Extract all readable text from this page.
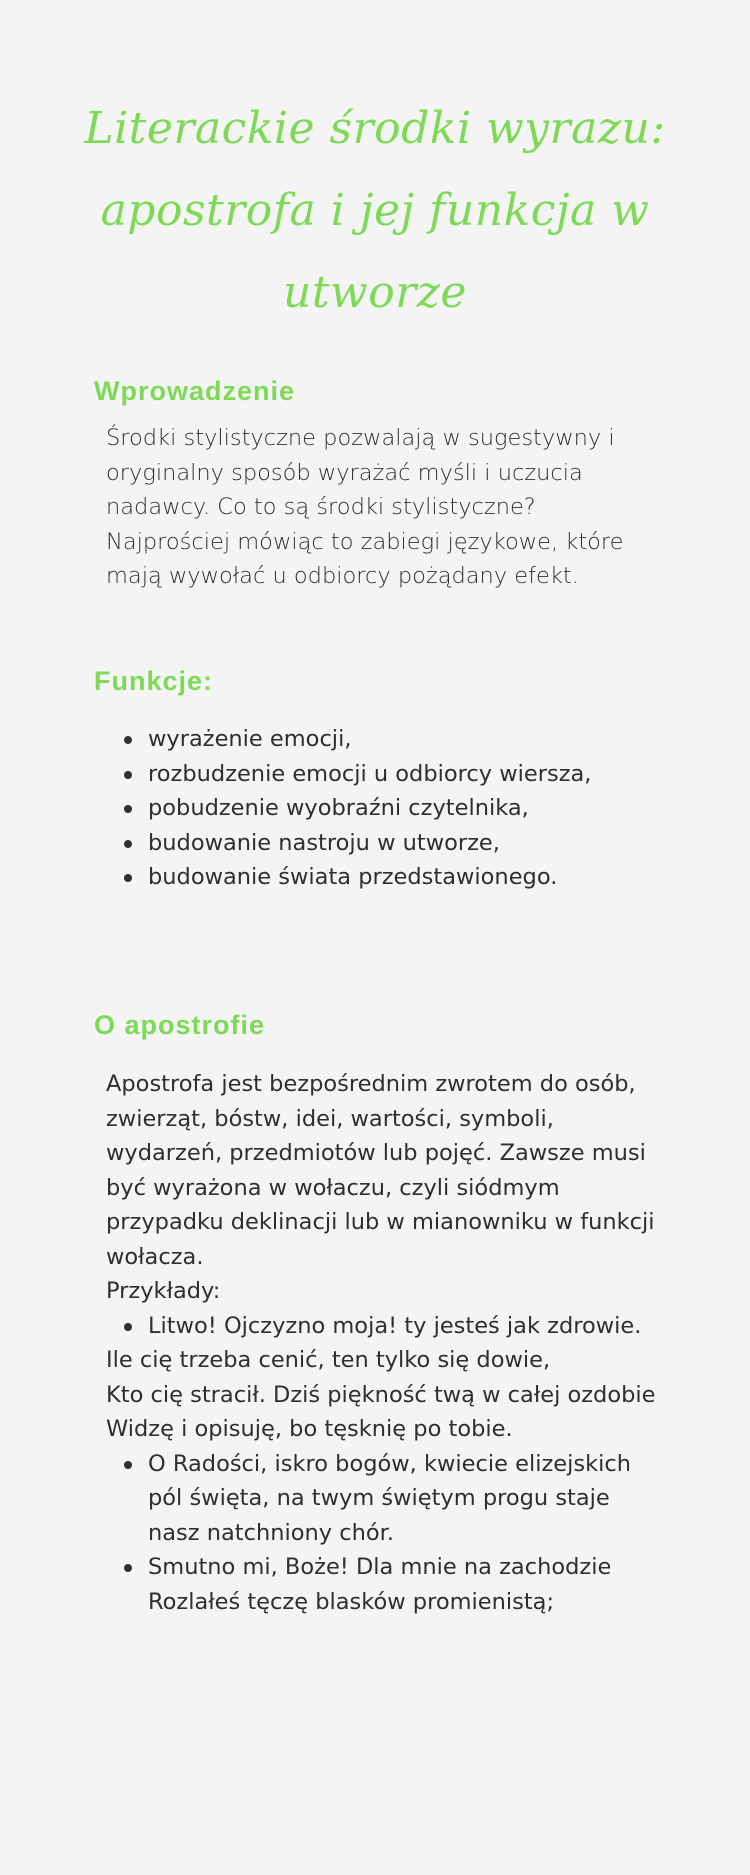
Literackie środki wyrazu: apostrofa i jej funkcja w utworze
Wprowadzenie

Środki stylistyczne pozwalają w sugestywny i oryginalny sposób wyrażać myśli i uczucia nadawcy. Co to są środki stylistyczne? Najprościej mówiąc to zabiegi językowe, które mają wywołać u odbiorcy pożądany efekt.

Funkcje:
wyrażenie emocji,
rozbudzenie emocji u odbiorcy wiersza,
pobudzenie wyobraźni czytelnika,
budowanie nastroju w utworze,
budowanie świata przedstawionego.
O apostrofie

Apostrofa jest bezpośrednim zwrotem do osób, zwierząt, bóstw, idei, wartości, symboli, wydarzeń, przedmiotów lub pojęć. Zawsze musi być wyrażona w wołaczu, czyli siódmym przypadku deklinacji lub w mianowniku w funkcji wołacza.

Przykłady:

Litwo! Ojczyzno moja! ty jesteś jak zdrowie.

Ile cię trzeba cenić, ten tylko się dowie,

Kto cię stracił. Dziś piękność twą w całej ozdobie

Widzę i opisuję, bo tęsknię po tobie.

O Radości, iskro bogów, kwiecie elizejskich pól święta, na twym świętym progu staje nasz natchniony chór.
Smutno mi, Boże! Dla mnie na zachodzie Rozlałeś tęczę blasków promienistą;
